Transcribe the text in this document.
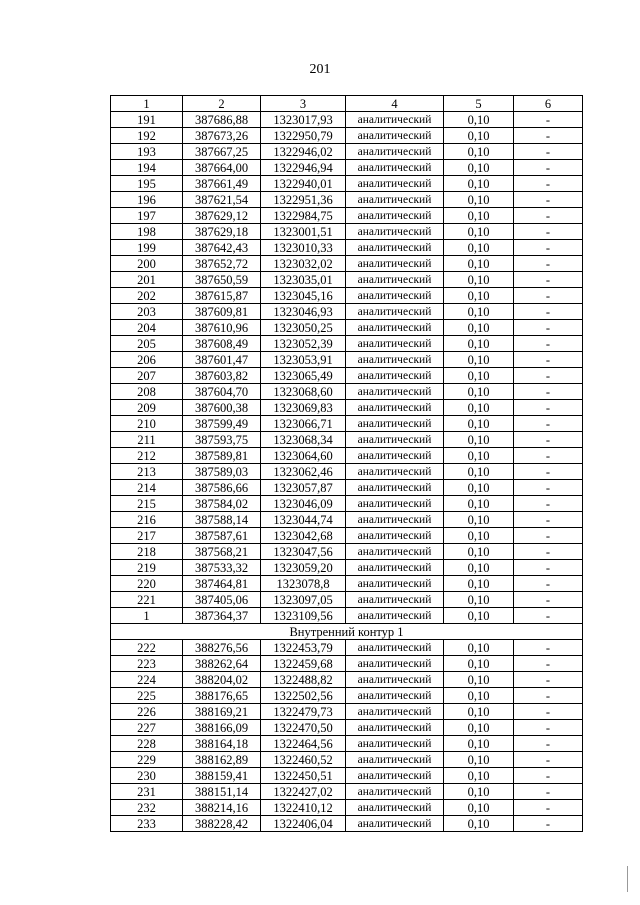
201
1	2	3	4	5	6
191	387686,88	1323017,93	аналитический	0,10	-
192	387673,26	1322950,79	аналитический	0,10	-
193	387667,25	1322946,02	аналитический	0,10	-
194	387664,00	1322946,94	аналитический	0,10	-
195	387661,49	1322940,01	аналитический	0,10	-
196	387621,54	1322951,36	аналитический	0,10	-
197	387629,12	1322984,75	аналитический	0,10	-
198	387629,18	1323001,51	аналитический	0,10	-
199	387642,43	1323010,33	аналитический	0,10	-
200	387652,72	1323032,02	аналитический	0,10	-
201	387650,59	1323035,01	аналитический	0,10	-
202	387615,87	1323045,16	аналитический	0,10	-
203	387609,81	1323046,93	аналитический	0,10	-
204	387610,96	1323050,25	аналитический	0,10	-
205	387608,49	1323052,39	аналитический	0,10	-
206	387601,47	1323053,91	аналитический	0,10	-
207	387603,82	1323065,49	аналитический	0,10	-
208	387604,70	1323068,60	аналитический	0,10	-
209	387600,38	1323069,83	аналитический	0,10	-
210	387599,49	1323066,71	аналитический	0,10	-
211	387593,75	1323068,34	аналитический	0,10	-
212	387589,81	1323064,60	аналитический	0,10	-
213	387589,03	1323062,46	аналитический	0,10	-
214	387586,66	1323057,87	аналитический	0,10	-
215	387584,02	1323046,09	аналитический	0,10	-
216	387588,14	1323044,74	аналитический	0,10	-
217	387587,61	1323042,68	аналитический	0,10	-
218	387568,21	1323047,56	аналитический	0,10	-
219	387533,32	1323059,20	аналитический	0,10	-
220	387464,81	1323078,8	аналитический	0,10	-
221	387405,06	1323097,05	аналитический	0,10	-
1	387364,37	1323109,56	аналитический	0,10	-
Внутренний контур 1					
222	388276,56	1322453,79	аналитический	0,10	-
223	388262,64	1322459,68	аналитический	0,10	-
224	388204,02	1322488,82	аналитический	0,10	-
225	388176,65	1322502,56	аналитический	0,10	-
226	388169,21	1322479,73	аналитический	0,10	-
227	388166,09	1322470,50	аналитический	0,10	-
228	388164,18	1322464,56	аналитический	0,10	-
229	388162,89	1322460,52	аналитический	0,10	-
230	388159,41	1322450,51	аналитический	0,10	-
231	388151,14	1322427,02	аналитический	0,10	-
232	388214,16	1322410,12	аналитический	0,10	-
233	388228,42	1322406,04	аналитический	0,10	-
